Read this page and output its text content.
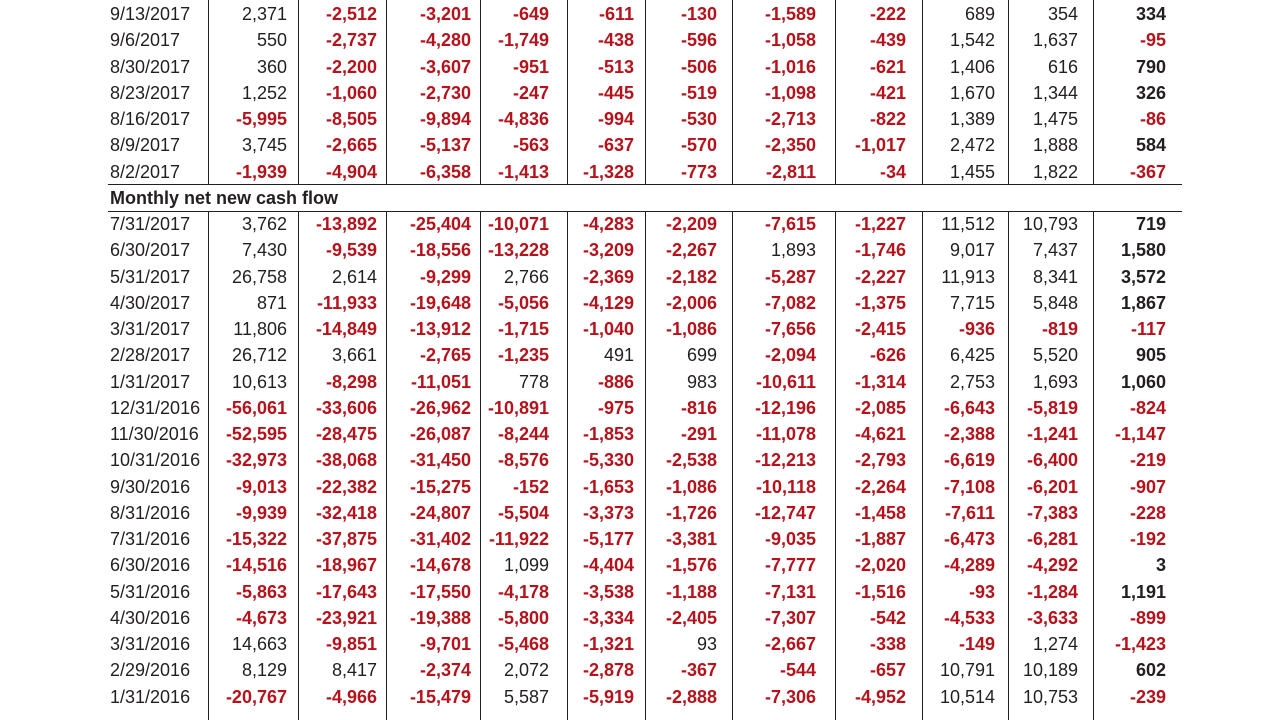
9/13/2017	2,371 -2,512 -3,201 -649	-611	-130	-1,589	-222	689	354	334
9/6/2017	550 -2,737 -4,280 -1,749	-438	-596	-1,058	-439 1,542 1,637	-95
8/30/2017	360 -2,200 -3,607 -951	-513	-506	-1,016	-621 1,406	616	790
8/23/2017	1,252 -1,060 -2,730 -247	-445	-519	-1,098	-421 1,670 1,344	326
8/16/2017	-5,995 -8,505 -9,894 -4,836	-994	-530	-2,713	-822 1,389 1,475	-86
8/9/2017	3,745 -2,665 -5,137 -563	-637	-570	-2,350 -1,017 2,472 1,888	584
8/2/2017	-1,939 -4,904 -6,358 -1,413 -1,328	-773	-2,811	-34 1,455 1,822	-367
Monthly net new cash flow
7/31/2017	3,762 -13,892 -25,404 -10,071 -4,283 -2,209	-7,615 -1,227 11,512 10,793	719
6/30/2017	7,430 -9,539 -18,556 -13,228 -3,209 -2,267	1,893 -1,746 9,017 7,437 1,580
5/31/2017 26,758 2,614 -9,299 2,766 -2,369 -2,182	-5,287 -2,227 11,913 8,341 3,572
4/30/2017	871 -11,933 -19,648 -5,056 -4,129 -2,006	-7,082 -1,375 7,715 5,848 1,867
3/31/2017 11,806 -14,849 -13,912 -1,715 -1,040 -1,086	-7,656 -2,415	-936	-819	-117
2/28/2017 26,712 3,661 -2,765 -1,235	491	699	-2,094	-626 6,425 5,520	905
1/31/2017 10,613 -8,298 -11,051	778	-886	983 -10,611 -1,314 2,753 1,693 1,060
12/31/2016 -56,061 -33,606 -26,962 -10,891	-975	-816 -12,196 -2,085 -6,643 -5,819	-824
11/30/2016 -52,595 -28,475 -26,087 -8,244 -1,853	-291 -11,078 -4,621 -2,388 -1,241 -1,147
10/31/2016 -32,973 -38,068 -31,450 -8,576 -5,330 -2,538 -12,213 -2,793 -6,619 -6,400	-219
9/30/2016	-9,013 -22,382 -15,275 -152 -1,653 -1,086 -10,118 -2,264 -7,108 -6,201	-907
8/31/2016	-9,939 -32,418 -24,807 -5,504 -3,373 -1,726 -12,747 -1,458 -7,611 -7,383	-228
7/31/2016 -15,322 -37,875 -31,402 -11,922 -5,177 -3,381	-9,035 -1,887 -6,473 -6,281	-192
6/30/2016 -14,516 -18,967 -14,678 1,099 -4,404 -1,576	-7,777 -2,020 -4,289 -4,292	3
5/31/2016	-5,863 -17,643 -17,550 -4,178 -3,538 -1,188	-7,131 -1,516	-93 -1,284 1,191
4/30/2016	-4,673 -23,921 -19,388 -5,800 -3,334 -2,405	-7,307	-542 -4,533 -3,633	-899
3/31/2016 14,663 -9,851 -9,701 -5,468 -1,321	93	-2,667	-338	-149 1,274 -1,423
2/29/2016	8,129 8,417 -2,374 2,072 -2,878	-367	-544	-657 10,791 10,189	602
1/31/2016 -20,767 -4,966 -15,479 5,587 -5,919 -2,888	-7,306 -4,952 10,514 10,753	-239
